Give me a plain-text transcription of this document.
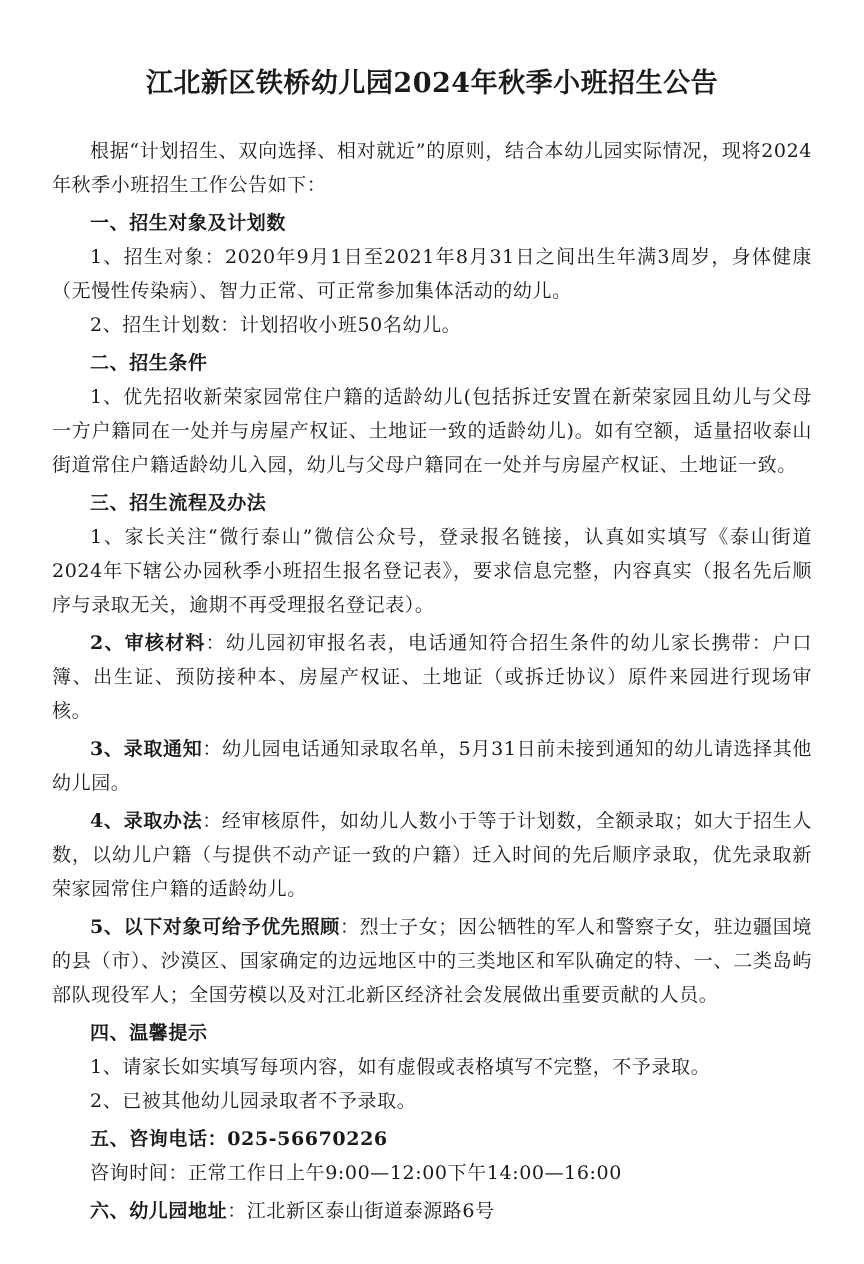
江北新区铁桥幼儿园2024年秋季小班招生公告

根据“计划招生、双向选择、相对就近”的原则，结合本幼儿园实际情况，现将2024年秋季小班招生工作公告如下：

一、招生对象及计划数

1、招生对象：2020年9月1日至2021年8月31日之间出生年满3周岁，身体健康（无慢性传染病）、智力正常、可正常参加集体活动的幼儿。

2、招生计划数：计划招收小班50名幼儿。

二、招生条件

1、优先招收新荣家园常住户籍的适龄幼儿(包括拆迁安置在新荣家园且幼儿与父母一方户籍同在一处并与房屋产权证、土地证一致的适龄幼儿)。如有空额，适量招收泰山街道常住户籍适龄幼儿入园，幼儿与父母户籍同在一处并与房屋产权证、土地证一致。

三、招生流程及办法

1、家长关注“微行泰山”微信公众号，登录报名链接，认真如实填写《泰山街道2024年下辖公办园秋季小班招生报名登记表》，要求信息完整，内容真实（报名先后顺序与录取无关，逾期不再受理报名登记表）。

2、审核材料：幼儿园初审报名表，电话通知符合招生条件的幼儿家长携带：户口簿、出生证、预防接种本、房屋产权证、土地证（或拆迁协议）原件来园进行现场审核。

3、录取通知：幼儿园电话通知录取名单，5月31日前未接到通知的幼儿请选择其他幼儿园。

4、录取办法：经审核原件，如幼儿人数小于等于计划数，全额录取；如大于招生人数，以幼儿户籍（与提供不动产证一致的户籍）迁入时间的先后顺序录取，优先录取新荣家园常住户籍的适龄幼儿。

5、以下对象可给予优先照顾：烈士子女；因公牺牲的军人和警察子女，驻边疆国境的县（市）、沙漠区、国家确定的边远地区中的三类地区和军队确定的特、一、二类岛屿部队现役军人；全国劳模以及对江北新区经济社会发展做出重要贡献的人员。

四、温馨提示

1、请家长如实填写每项内容，如有虚假或表格填写不完整，不予录取。

2、已被其他幼儿园录取者不予录取。

五、咨询电话：025-56670226

咨询时间：正常工作日上午9:00—12:00下午14:00—16:00

六、幼儿园地址：江北新区泰山街道泰源路6号
